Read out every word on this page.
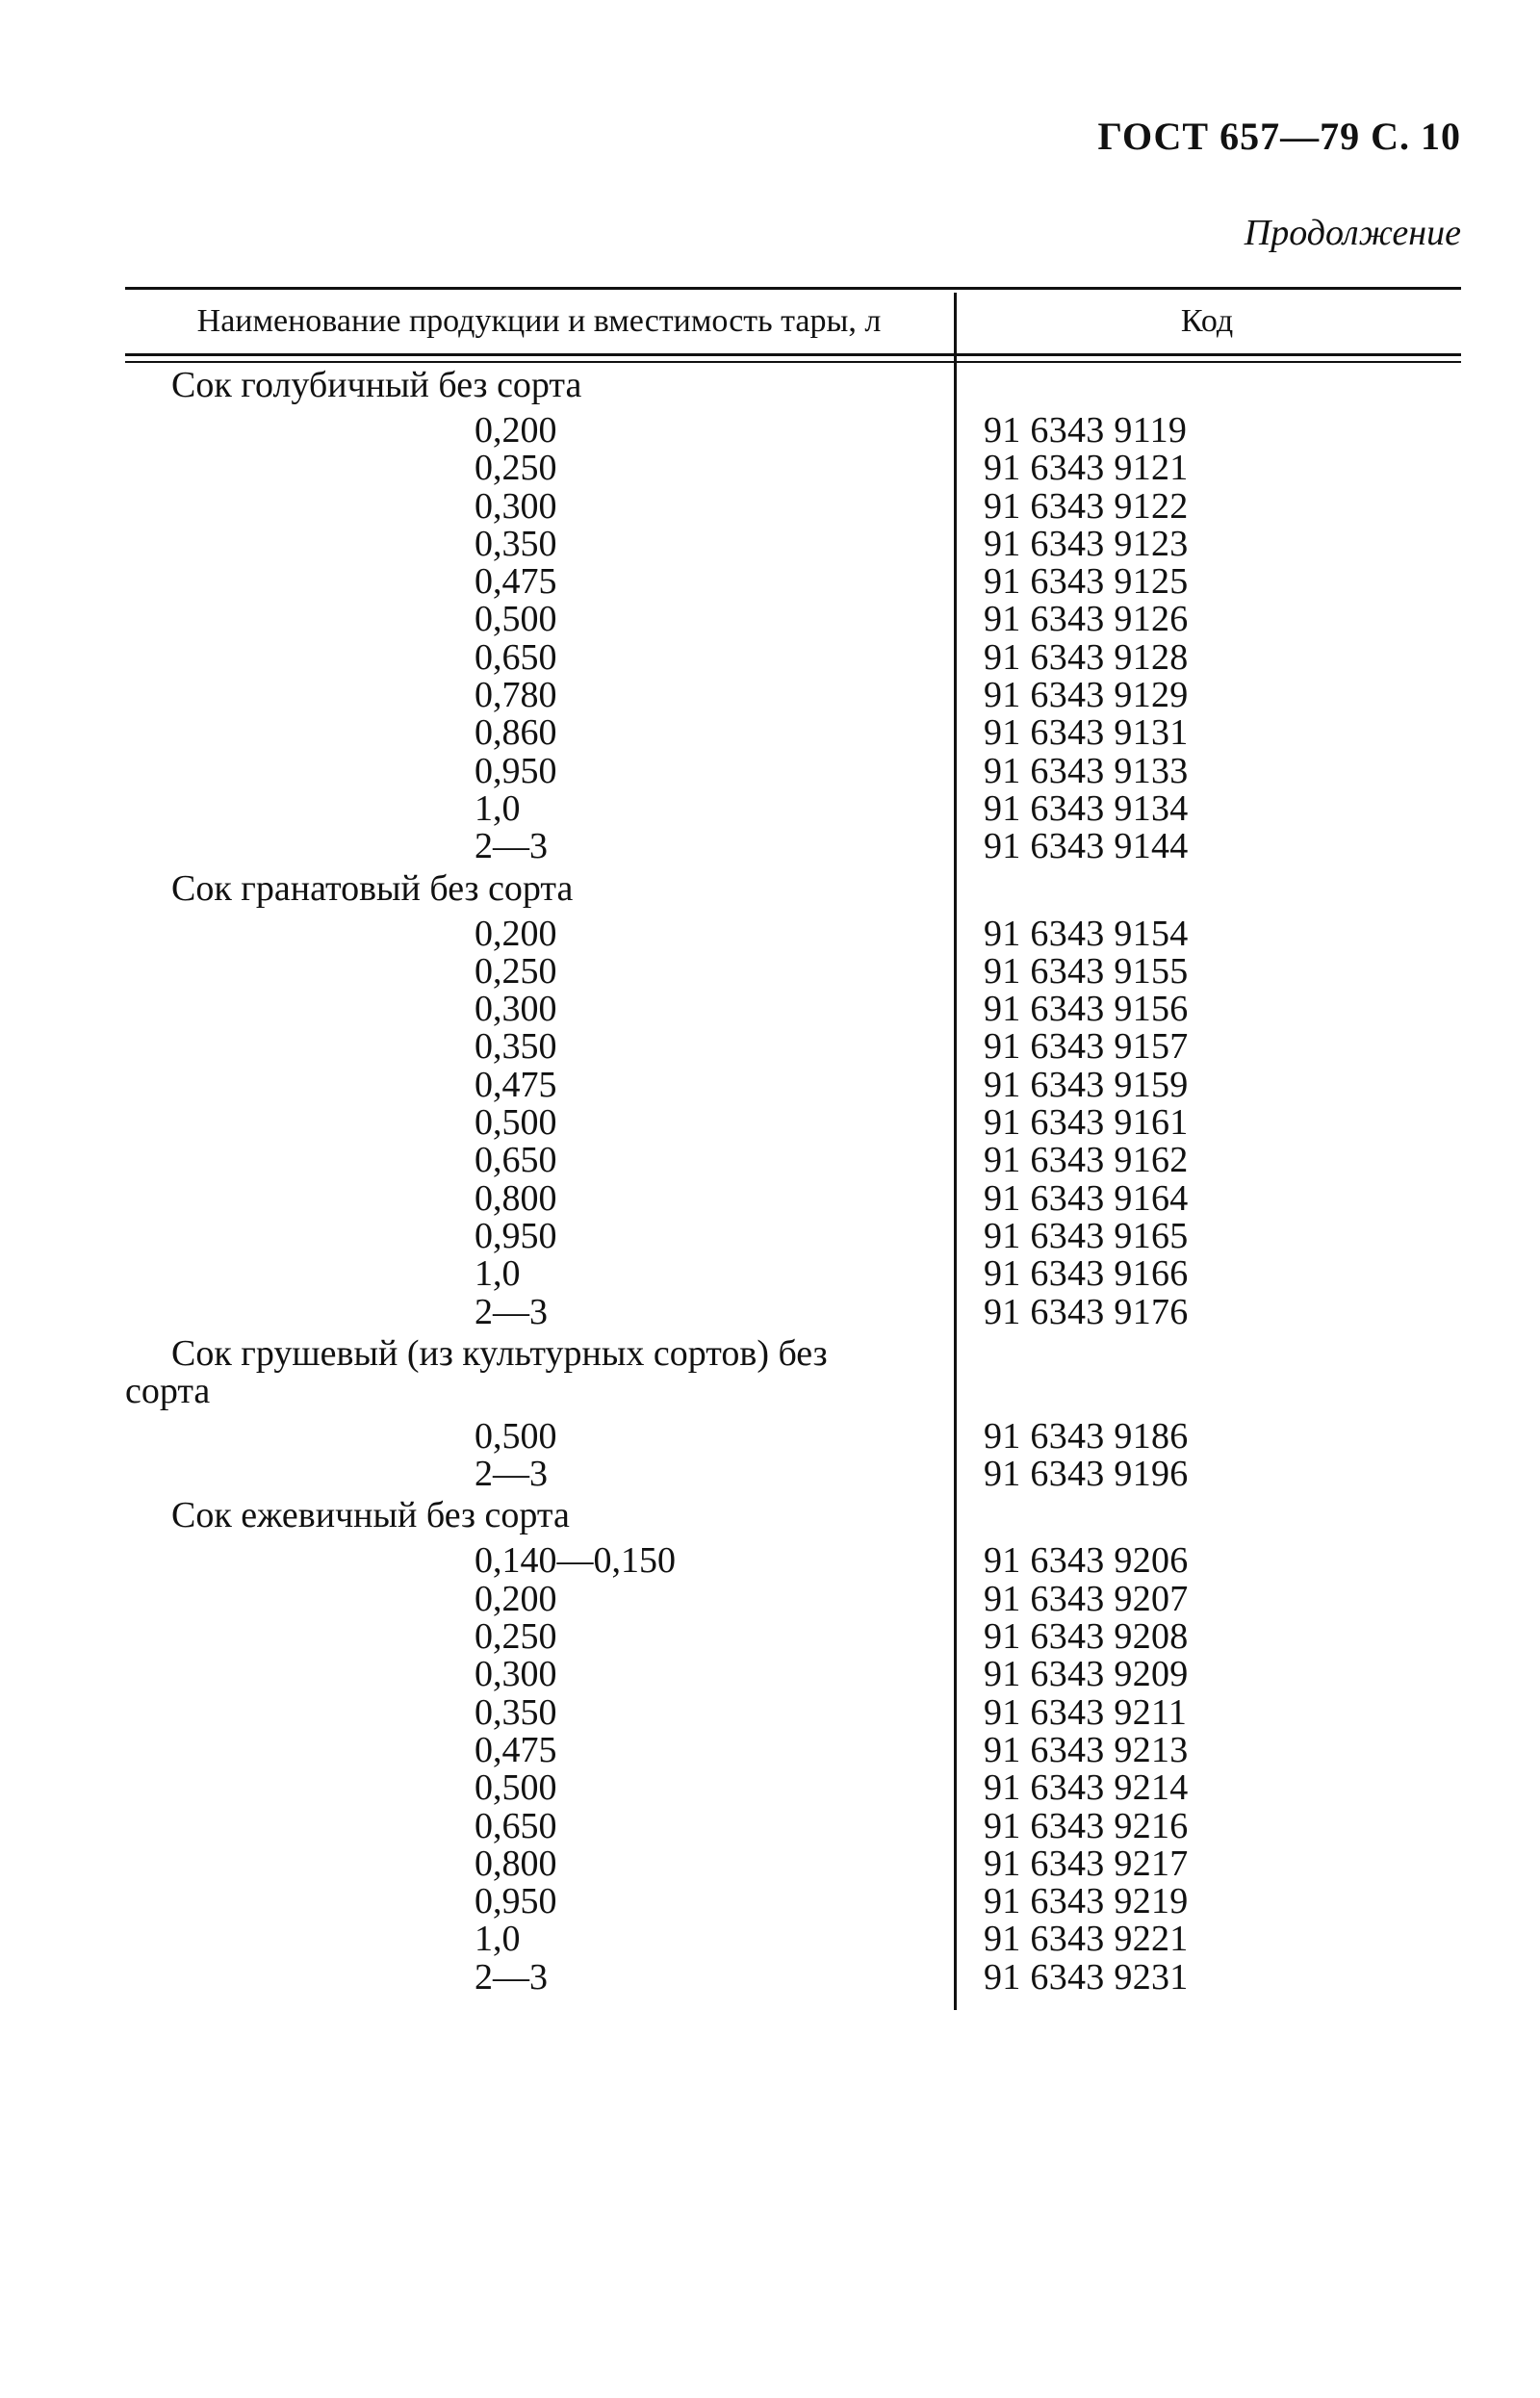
ГОСТ 657—79 С. 10
Продолжение
Наименование продукции и вместимость тары, л	Код
Сок голубичный без сорта
0,200	91 6343 9119
0,250	91 6343 9121
0,300	91 6343 9122
0,350	91 6343 9123
0,475	91 6343 9125
0,500	91 6343 9126
0,650	91 6343 9128
0,780	91 6343 9129
0,860	91 6343 9131
0,950	91 6343 9133
1,0	91 6343 9134
2—3	91 6343 9144
Сок гранатовый без сорта
0,200	91 6343 9154
0,250	91 6343 9155
0,300	91 6343 9156
0,350	91 6343 9157
0,475	91 6343 9159
0,500	91 6343 9161
0,650	91 6343 9162
0,800	91 6343 9164
0,950	91 6343 9165
1,0	91 6343 9166
2—3	91 6343 9176
Сок грушевый (из культурных сортов) без
сорта
0,500	91 6343 9186
2—3	91 6343 9196
Сок ежевичный без сорта
0,140—0,150	91 6343 9206
0,200	91 6343 9207
0,250	91 6343 9208
0,300	91 6343 9209
0,350	91 6343 9211
0,475	91 6343 9213
0,500	91 6343 9214
0,650	91 6343 9216
0,800	91 6343 9217
0,950	91 6343 9219
1,0	91 6343 9221
2—3	91 6343 9231
